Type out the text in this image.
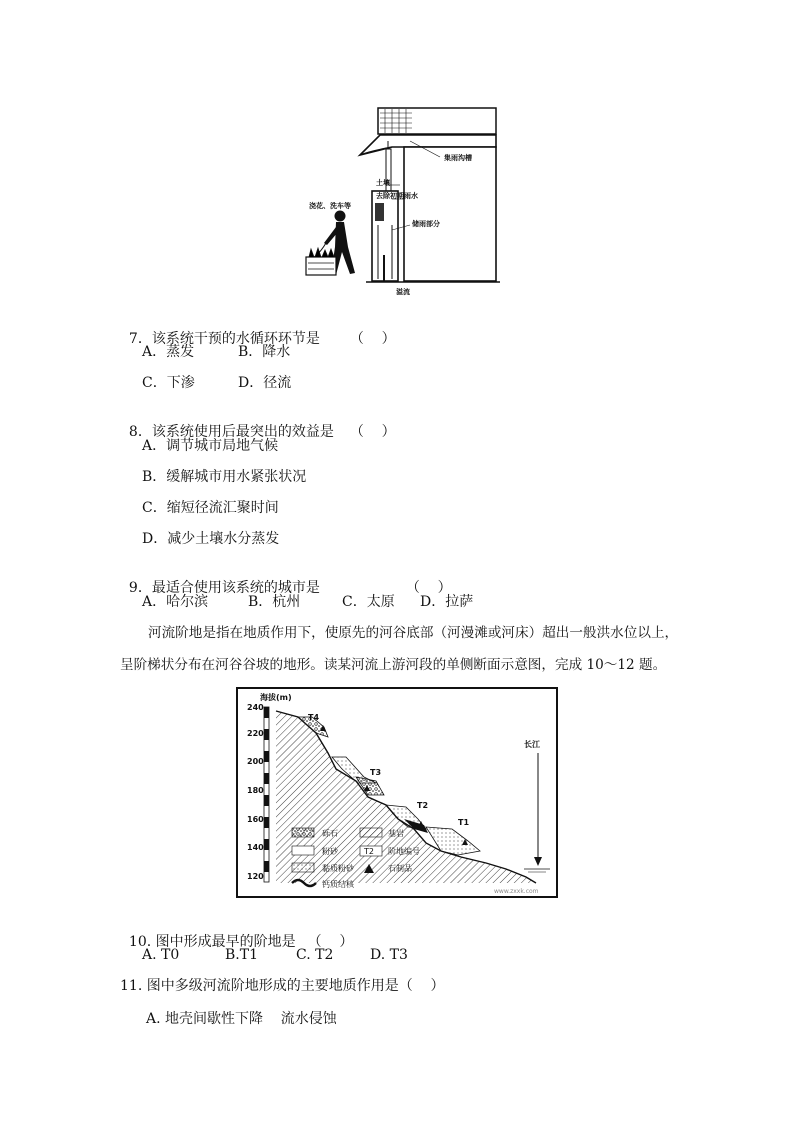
集雨沟槽
土壤
去除初期雨水
储雨部分
浇花、洗车等
溢流

7．该系统干预的水循环环节是 （    ）

A．蒸发	B．降水
C．下渗	D．径流

8．该系统使用后最突出的效益是 （    ）

A．调节城市局地气候
B．缓解城市用水紧张状况
C．缩短径流汇聚时间
D．减少土壤水分蒸发

9．最适合使用该系统的城市是	（    ）

A．哈尔滨	B．杭州	C．太原 D．拉萨
河流阶地是指在地质作用下，使原先的河谷底部（河漫滩或河床）超出一般洪水位以上，
呈阶梯状分布在河谷谷坡的地形。读某河流上游河段的单侧断面示意图，完成 10～12 题。
海拔(m)
240
220
200
180
160
140
120
T4
T3
T2
T1
长江
砾石	基岩
粉砂	T2 阶地编号
黏质粉砂	石制品
钙质结核
www.zxxk.com

10. 图中形成最早的阶地是 （    ）

A. T0	B.T1	C. T2	D. T3
11. 图中多级河流阶地形成的主要地质作用是（    ）
A. 地壳间歇性下降    流水侵蚀
